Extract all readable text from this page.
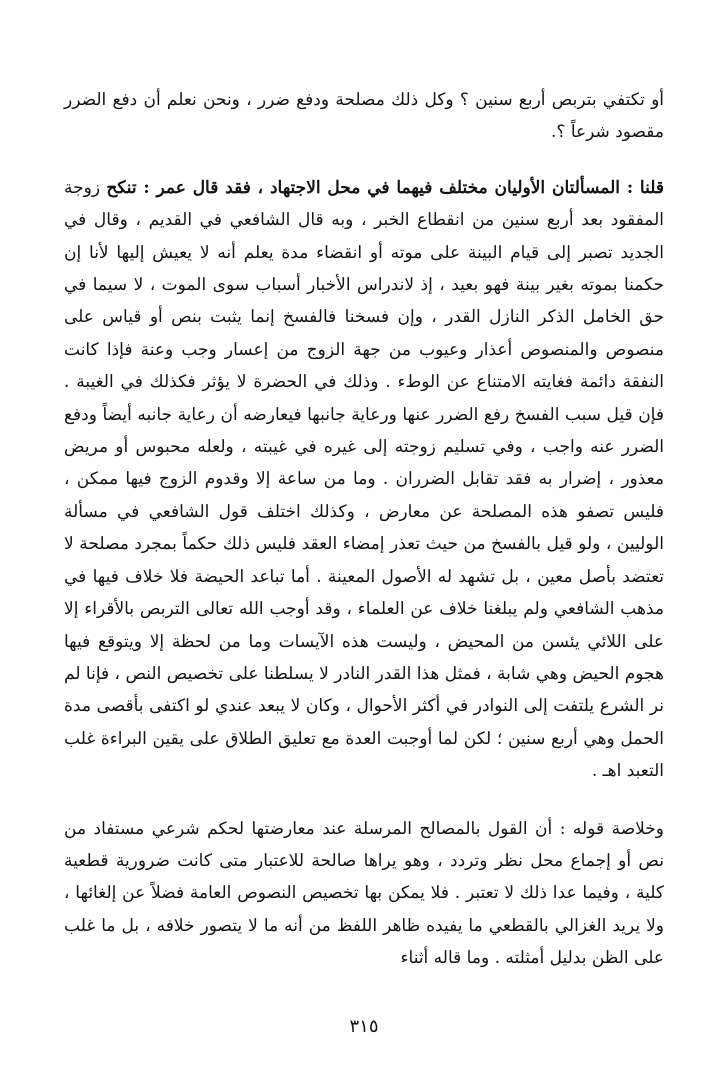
أو تكتفي بتربص أربع سنين ؟ وكل ذلك مصلحة ودفع ضرر ، ونحن نعلم أن دفع الضرر مقصود شرعاً ؟.

قلنا : المسألتان الأوليان مختلف فيهما في محل الاجتهاد ، فقد قال عمر : تنكح زوجة المفقود بعد أربع سنين من انقطاع الخبر ، وبه قال الشافعي في القديم ، وقال في الجديد تصبر إلى قيام البينة على موته أو انقضاء مدة يعلم أنه لا يعيش إليها لأنا إن حكمنا بموته بغير بينة فهو بعيد ، إذ لاندراس الأخبار أسباب سوى الموت ، لا سيما في حق الخامل الذكر النازل القدر ، وإن فسخنا فالفسخ إنما يثبت بنص أو قياس على منصوص والمنصوص أعذار وعيوب من جهة الزوج من إعسار وجب وعنة فإذا كانت النفقة دائمة فغايته الامتناع عن الوطء . وذلك في الحضرة لا يؤثر فكذلك في الغيبة . فإن قيل سبب الفسخ رفع الضرر عنها ورعاية جانبها فيعارضه أن رعاية جانبه أيضاً ودفع الضرر عنه واجب ، وفي تسليم زوجته إلى غيره في غيبته ، ولعله محبوس أو مريض معذور ، إضرار به فقد تقابل الضرران . وما من ساعة إلا وقدوم الزوج فيها ممكن ، فليس تصفو هذه المصلحة عن معارض ، وكذلك اختلف قول الشافعي في مسألة الوليين ، ولو قيل بالفسخ من حيث تعذر إمضاء العقد فليس ذلك حكماً بمجرد مصلحة لا تعتضد بأصل معين ، بل تشهد له الأصول المعينة . أما تباعد الحيضة فلا خلاف فيها في مذهب الشافعي ولم يبلغنا خلاف عن العلماء ، وقد أوجب الله تعالى التربص بالأقراء إلا على اللائي يئسن من المحيض ، وليست هذه الآيسات وما من لحظة إلا ويتوقع فيها هجوم الحيض وهي شابة ، فمثل هذا القدر النادر لا يسلطنا على تخصيص النص ، فإنا لم نر الشرع يلتفت إلى النوادر في أكثر الأحوال ، وكان لا يبعد عندي لو اكتفى بأقصى مدة الحمل وهي أربع سنين ؛ لكن لما أوجبت العدة مع تعليق الطلاق على يقين البراءة غلب التعبد اهـ .

وخلاصة قوله : أن القول بالمصالح المرسلة عند معارضتها لحكم شرعي مستفاد من نص أو إجماع محل نظر وتردد ، وهو يراها صالحة للاعتبار متى كانت ضرورية قطعية كلية ، وفيما عدا ذلك لا تعتبر . فلا يمكن بها تخصيص النصوص العامة فضلاً عن إلغائها ، ولا يريد الغزالي بالقطعي ما يفيده ظاهر اللفظ من أنه ما لا يتصور خلافه ، بل ما غلب على الظن بدليل أمثلته . وما قاله أثناء

٣١٥
